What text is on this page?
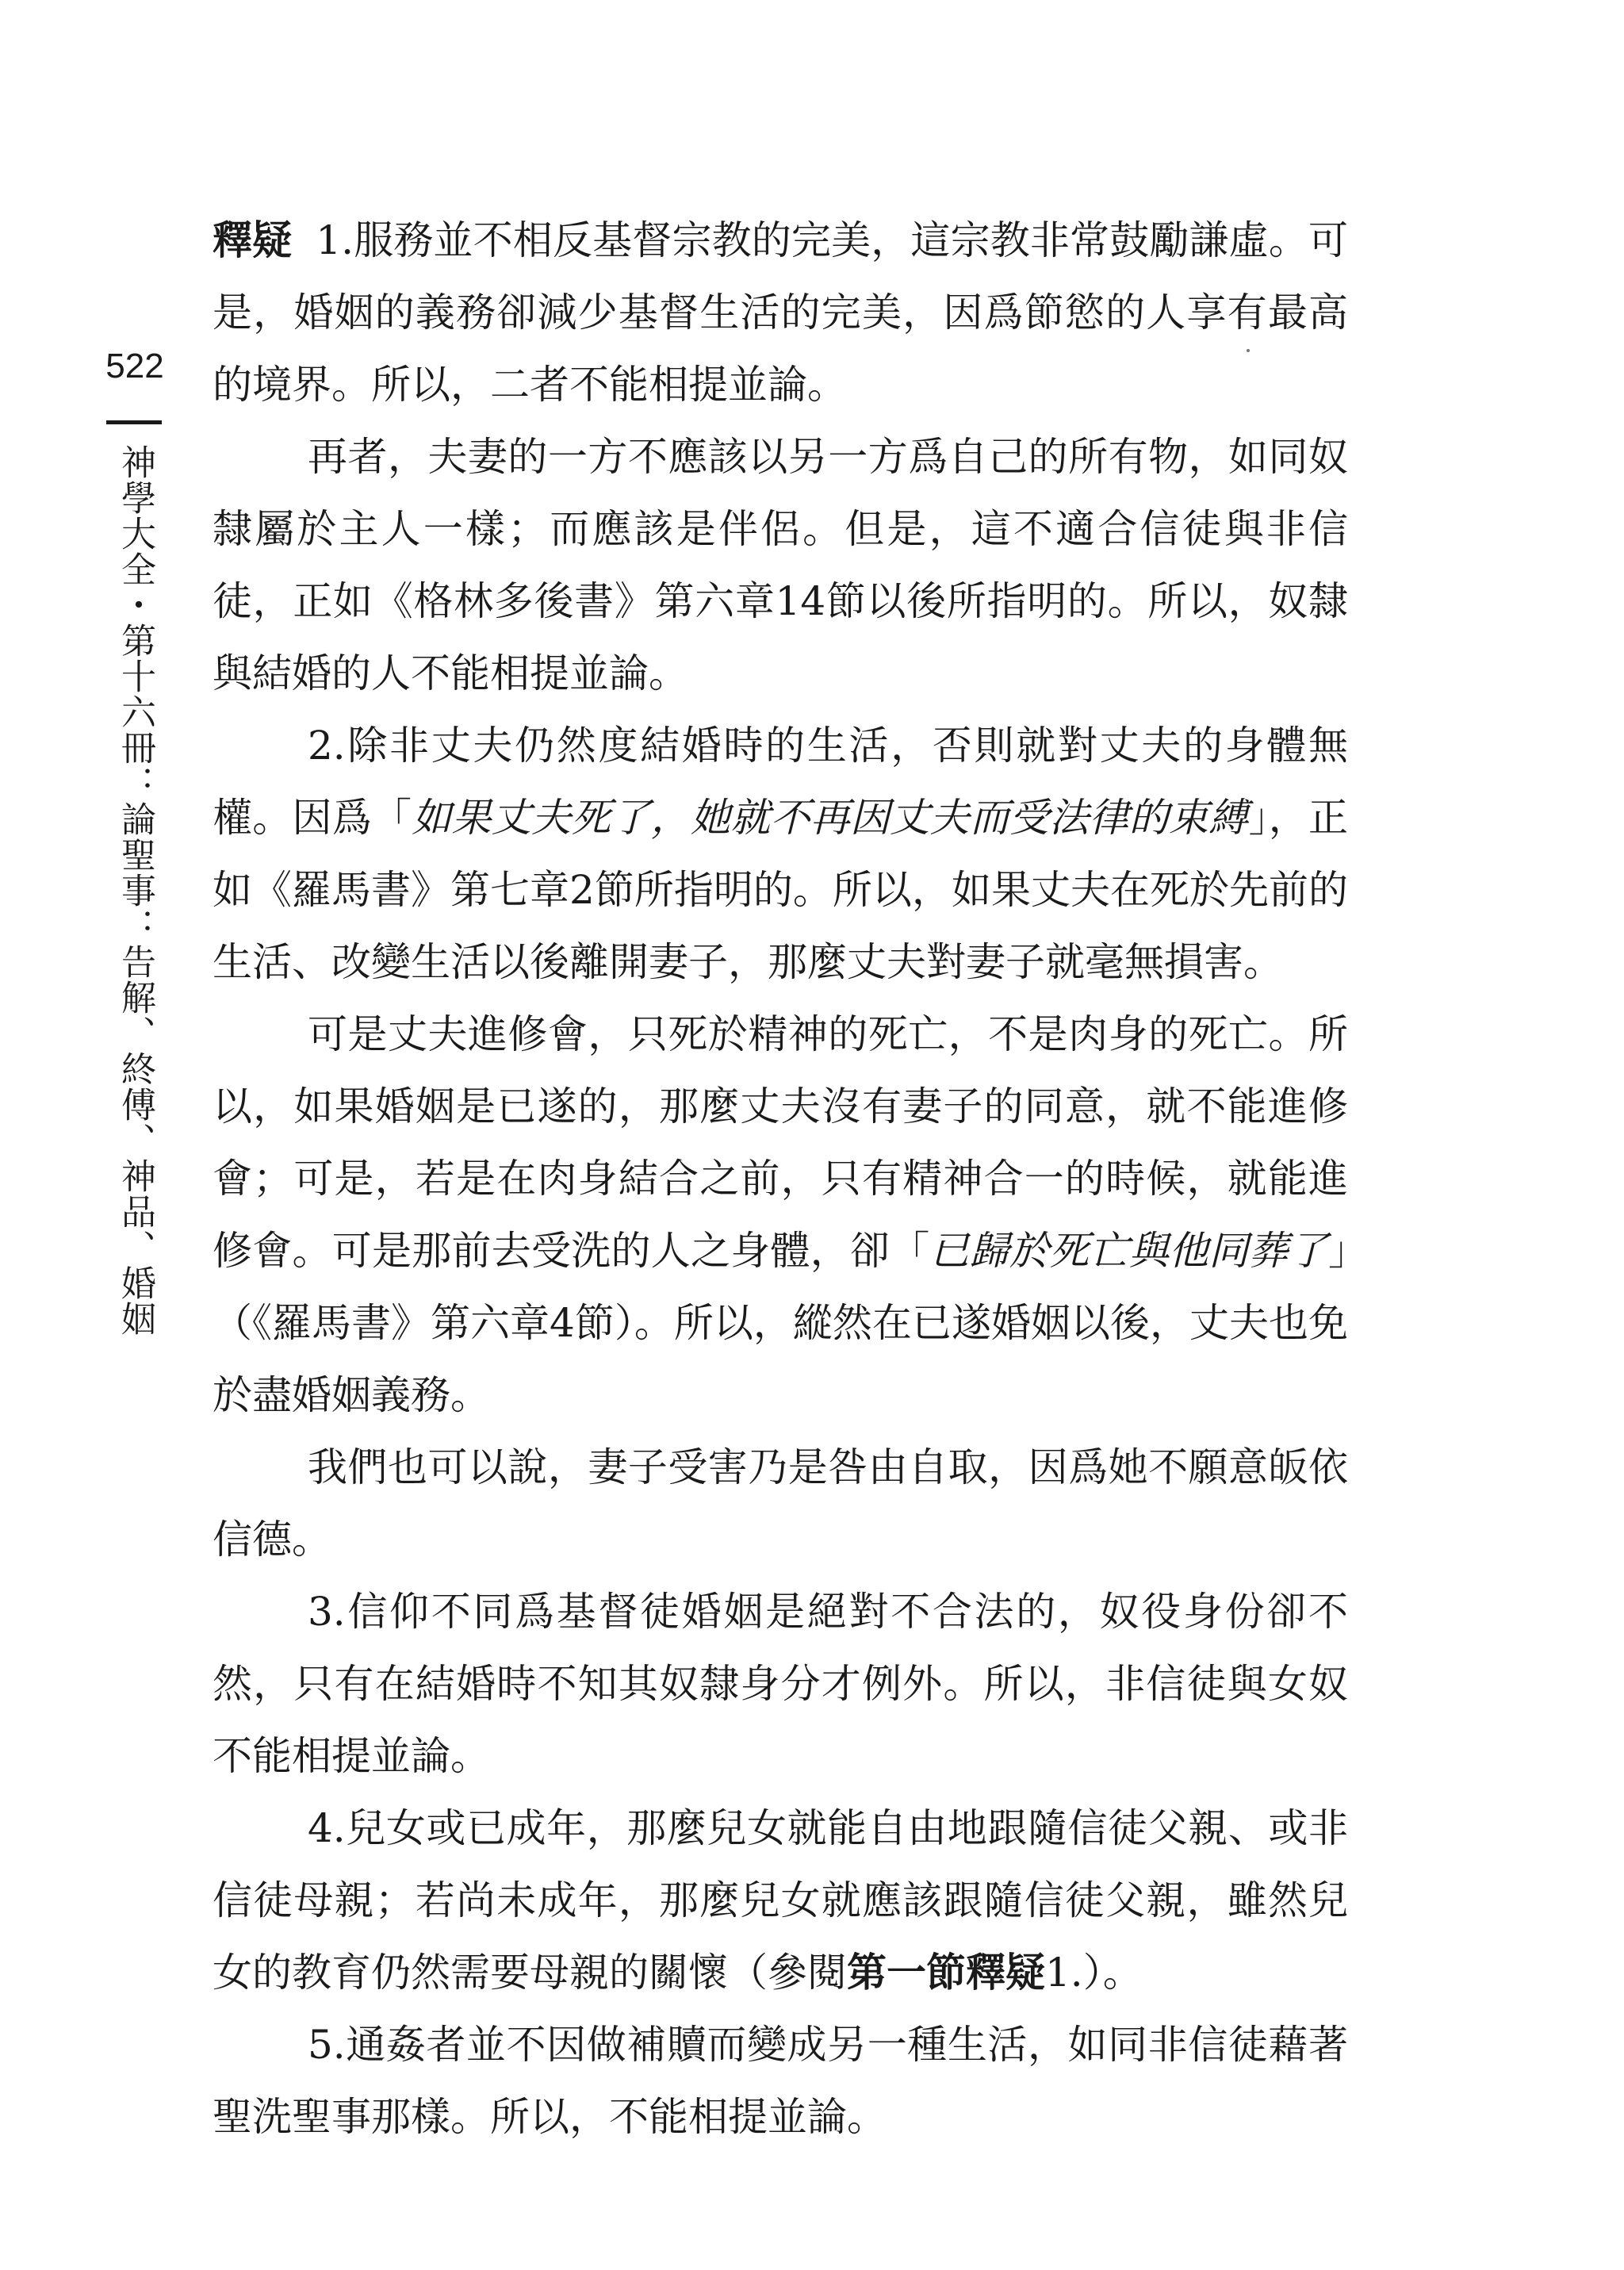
522
神學大全・第十六冊：論聖事：告解、終傅、神品、婚姻

釋疑 1.服務並不相反基督宗教的完美，這宗教非常鼓勵謙虛。可是，婚姻的義務卻減少基督生活的完美，因爲節慾的人享有最高的境界。所以，二者不能相提並論。

再者，夫妻的一方不應該以另一方爲自己的所有物，如同奴隸屬於主人一樣；而應該是伴侶。但是，這不適合信徒與非信徒，正如《格林多後書》第六章14節以後所指明的。所以，奴隸與結婚的人不能相提並論。

2.除非丈夫仍然度結婚時的生活，否則就對丈夫的身體無權。因爲「如果丈夫死了，她就不再因丈夫而受法律的束縛」，正如《羅馬書》第七章2節所指明的。所以，如果丈夫在死於先前的生活、改變生活以後離開妻子，那麼丈夫對妻子就毫無損害。

可是丈夫進修會，只死於精神的死亡，不是肉身的死亡。所以，如果婚姻是已遂的，那麼丈夫沒有妻子的同意，就不能進修會；可是，若是在肉身結合之前，只有精神合一的時候，就能進修會。可是那前去受洗的人之身體，卻「已歸於死亡與他同葬了」（《羅馬書》第六章4節）。所以，縱然在已遂婚姻以後，丈夫也免於盡婚姻義務。

我們也可以說，妻子受害乃是咎由自取，因爲她不願意皈依信德。

3.信仰不同爲基督徒婚姻是絕對不合法的，奴役身份卻不然，只有在結婚時不知其奴隸身分才例外。所以，非信徒與女奴不能相提並論。

4.兒女或已成年，那麼兒女就能自由地跟隨信徒父親、或非信徒母親；若尚未成年，那麼兒女就應該跟隨信徒父親，雖然兒女的教育仍然需要母親的關懷（參閱第一節釋疑1.）。

5.通姦者並不因做補贖而變成另一種生活，如同非信徒藉著聖洗聖事那樣。所以，不能相提並論。
